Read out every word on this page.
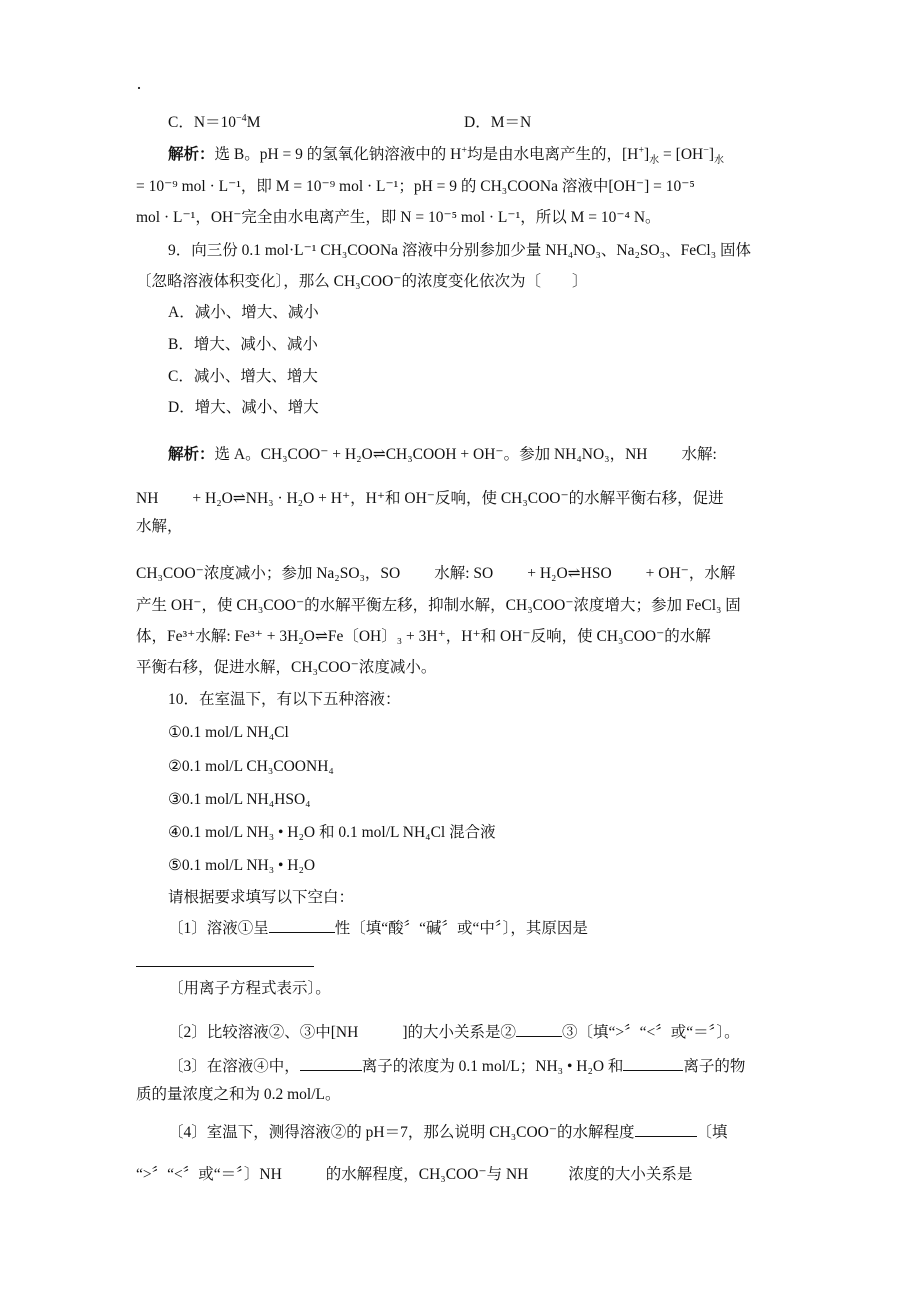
·
C．$N=10^{-4}M$	D．M＝N
解析：选 B。pH = 9 的氢氧化钠溶液中的 H+均是由水电离产生的，$[H^+]_水 = [OH^-]_水$
= 10⁻⁹ mol · L⁻¹，即 M = 10⁻⁹ mol · L⁻¹；pH = 9 的 CH₃COONa 溶液中[OH⁻] = 10⁻⁵
mol · L⁻¹，OH⁻完全由水电离产生，即 N = 10⁻⁵ mol · L⁻¹，所以 M = 10⁻⁴ N。
9．向三份 0.1 mol·L⁻¹ CH₃COONa 溶液中分别参加少量 NH₄NO₃、Na₂SO₃、FeCl₃ 固体
〔忽略溶液体积变化〕，那么 CH₃COO⁻的浓度变化依次为〔　　〕
A．减小、增大、减小
B．增大、减小、减小
C．减小、增大、增大
D．增大、减小、增大
解析：选 A。CH₃COO⁻ + H₂O⇌CH₃COOH + OH⁻。参加 NH₄NO₃，NH 水解:
NH + H₂O⇌NH₃ · H₂O + H⁺，H⁺和 OH⁻反响，使 CH₃COO⁻的水解平衡右移，促进
水解，
CH₃COO⁻浓度减小；参加 Na₂SO₃，SO 水解: SO + H₂O⇌HSO + OH⁻，水解
产生 OH⁻，使 CH₃COO⁻的水解平衡左移，抑制水解，CH₃COO⁻浓度增大；参加 FeCl₃ 固
体，Fe³⁺水解: Fe³⁺ + 3H₂O⇌Fe〔OH〕₃ + 3H⁺，H⁺和 OH⁻反响，使 CH₃COO⁻的水解
平衡右移，促进水解，CH₃COO⁻浓度减小。
10．在室温下，有以下五种溶液：
①0.1 mol/L NH₄Cl
②0.1 mol/L CH₃COONH₄
③0.1 mol/L NH₄HSO₄
④0.1 mol/L NH₃ • H₂O 和 0.1 mol/L NH₄Cl 混合液
⑤0.1 mol/L NH₃ • H₂O
请根据要求填写以下空白：
〔1〕溶液①呈	性〔填“酸〞“碱〞或“中〞〕，其原因是
〔用离子方程式表示〕。
〔2〕比较溶液②、③中[NH	]的大小关系是②	③〔填“>〞“<〞或“＝〞〕。
〔3〕在溶液④中，	离子的浓度为 0.1 mol/L；NH₃ • H₂O 和	离子的物
质的量浓度之和为 0.2 mol/L。
〔4〕室温下，测得溶液②的 pH＝7，那么说明 CH₃COO⁻的水解程度	〔填
“>〞“<〞或“＝〞〕NH	的水解程度，CH₃COO⁻与 NH	浓度的大小关系是
